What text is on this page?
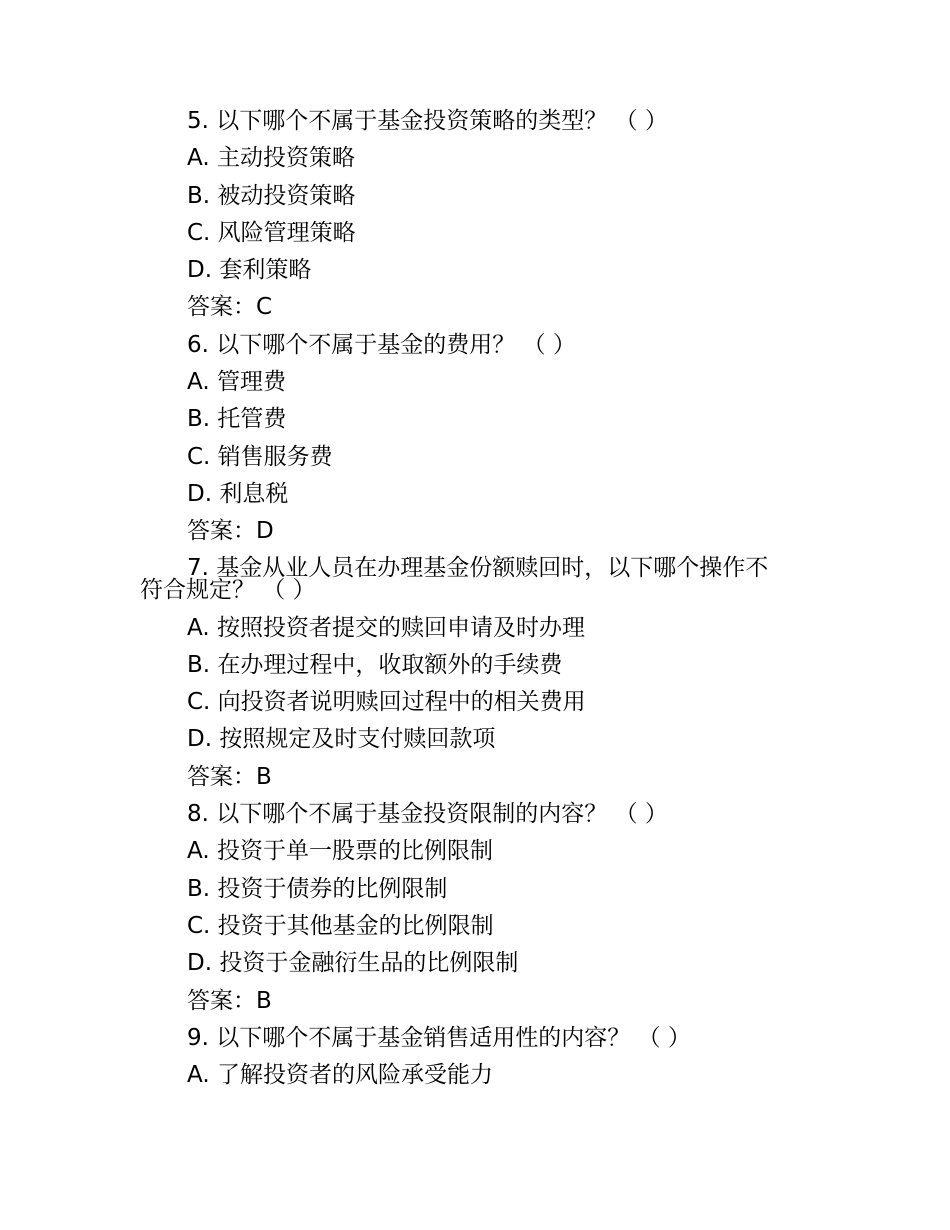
5. 以下哪个不属于基金投资策略的类型？ （ ）
A. 主动投资策略
B. 被动投资策略
C. 风险管理策略
D. 套利策略
答案：C
6. 以下哪个不属于基金的费用？ （ ）
A. 管理费
B. 托管费
C. 销售服务费
D. 利息税
答案：D
7. 基金从业人员在办理基金份额赎回时，以下哪个操作不
符合规定？ （ ）
A. 按照投资者提交的赎回申请及时办理
B. 在办理过程中，收取额外的手续费
C. 向投资者说明赎回过程中的相关费用
D. 按照规定及时支付赎回款项
答案：B
8. 以下哪个不属于基金投资限制的内容？ （ ）
A. 投资于单一股票的比例限制
B. 投资于债券的比例限制
C. 投资于其他基金的比例限制
D. 投资于金融衍生品的比例限制
答案：B
9. 以下哪个不属于基金销售适用性的内容？ （ ）
A. 了解投资者的风险承受能力
